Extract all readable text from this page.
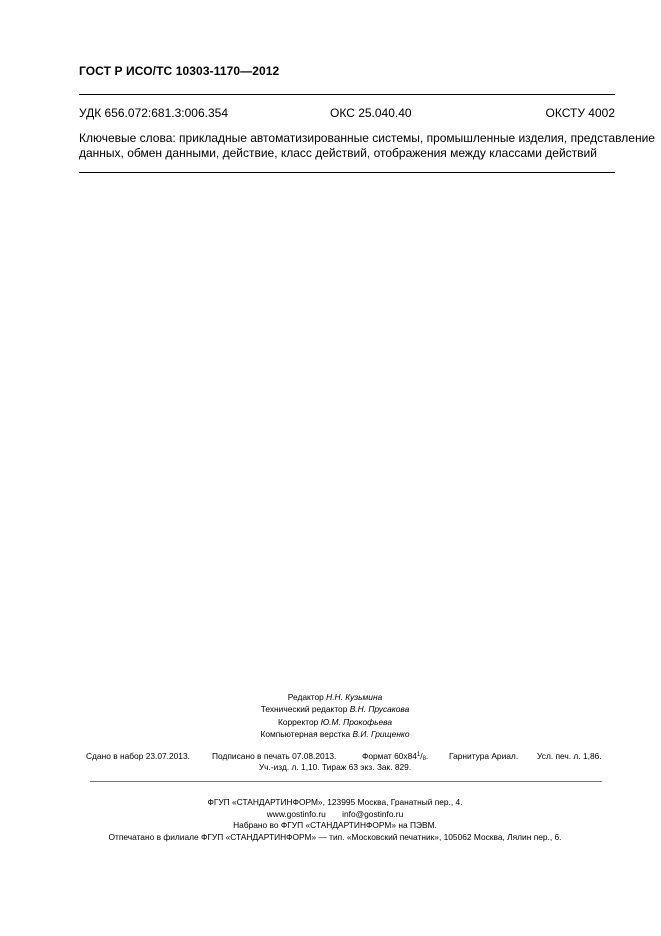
ГОСТ Р ИСО/ТС 10303-1170—2012
УДК 656.072:681.3:006.354	ОКС 25.040.40	ОКСТУ 4002
Ключевые слова: прикладные автоматизированные системы, промышленные изделия, представление
данных, обмен данными, действие, класс действий, отображения между классами действий
Редактор Н.Н. Кузьмина
Технический редактор В.Н. Прусакова
Корректор Ю.М. Прокофьева
Компьютерная верстка В.И. Грищенко
Сдано в набор 23.07.2013.	Подписано в печать 07.08.2013.	Формат $60х84^1/_8$. Гарнитура Ариал. Усл. печ. л. 1,86.
Уч.-изд. л. 1,10. Тираж 63 экз. Зак. 829.
ФГУП «СТАНДАРТИНФОРМ», 123995 Москва, Гранатный пер., 4.
www.gostinfo.ru info@gostinfo.ru
Набрано во ФГУП «СТАНДАРТИНФОРМ» на ПЭВМ.
Отпечатано в филиале ФГУП «СТАНДАРТИНФОРМ» — тип. «Московский печатник», 105062 Москва, Лялин пер., 6.
